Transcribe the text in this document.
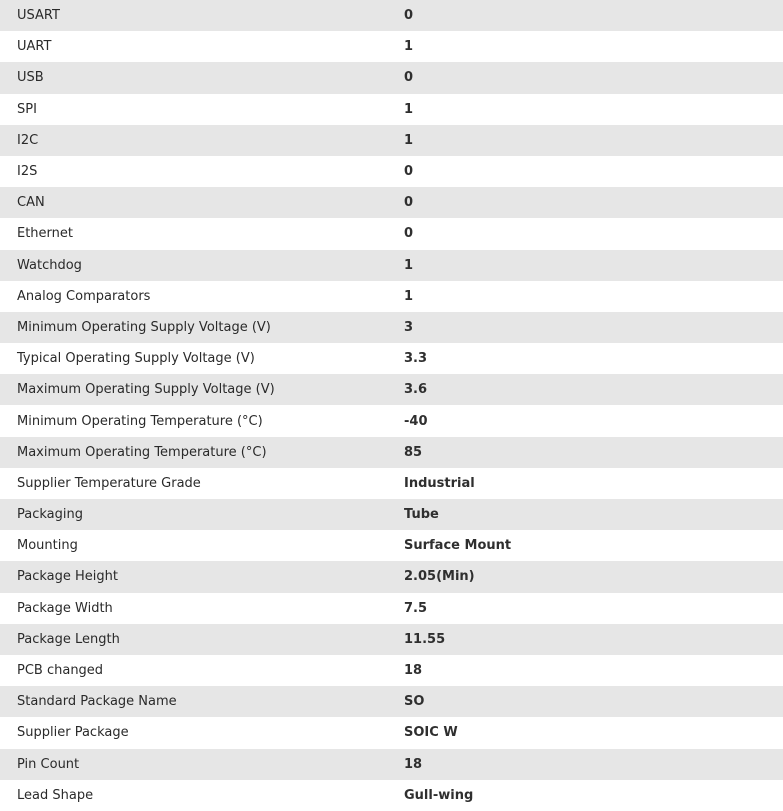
USART	0
UART	1
USB	0
SPI	1
I2C	1
I2S	0
CAN	0
Ethernet	0
Watchdog	1
Analog Comparators	1
Minimum Operating Supply Voltage (V)	3
Typical Operating Supply Voltage (V)	3.3
Maximum Operating Supply Voltage (V)	3.6
Minimum Operating Temperature (°C)	-40
Maximum Operating Temperature (°C)	85
Supplier Temperature Grade	Industrial
Packaging	Tube
Mounting	Surface Mount
Package Height	2.05(Min)
Package Width	7.5
Package Length	11.55
PCB changed	18
Standard Package Name	SO
Supplier Package	SOIC W
Pin Count	18
Lead Shape	Gull-wing
